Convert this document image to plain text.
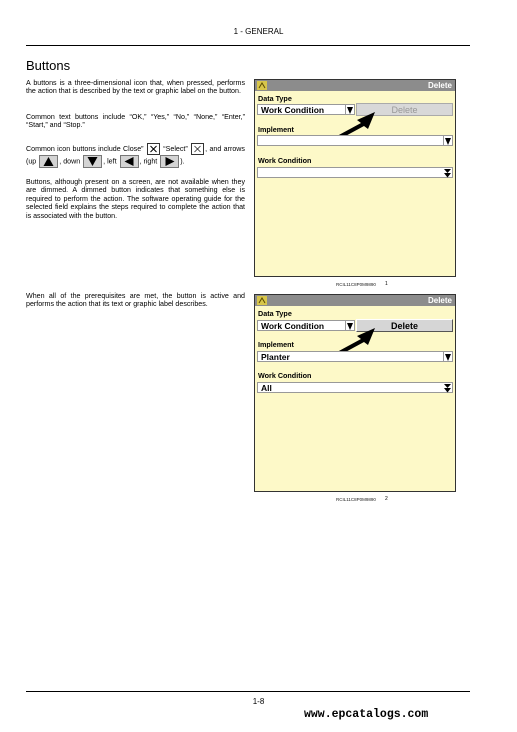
1 - GENERAL
Buttons
A buttons is a three-dimensional icon that, when pressed, performs the action that is described by the text or graphic label on the button.
Common text buttons include “OK,” “Yes,” “No,” “None,” “Enter,” “Start,” and “Stop.”
Common icon buttons include Close”	“Select” , and arrows (up	, down	, left	, right	).
Buttons, although present on a screen, are not available when they are dimmed. A dimmed button indicates that something else is required to perform the action. The software operating guide for the selected field explains the steps required to complete the action that is associated with the button.
When all of the prerequisites are met, the button is active and performs the action that its text or graphic label describes.
Delete
Data Type
Work Condition	Delete
Implement
Work Condition
RCIL11C8P0M9890 1
Delete
Data Type
Work Condition	Delete
Implement
Planter
Work Condition
All
RCIL11C8P0M9890 2
1-8
www.epcatalogs.com
